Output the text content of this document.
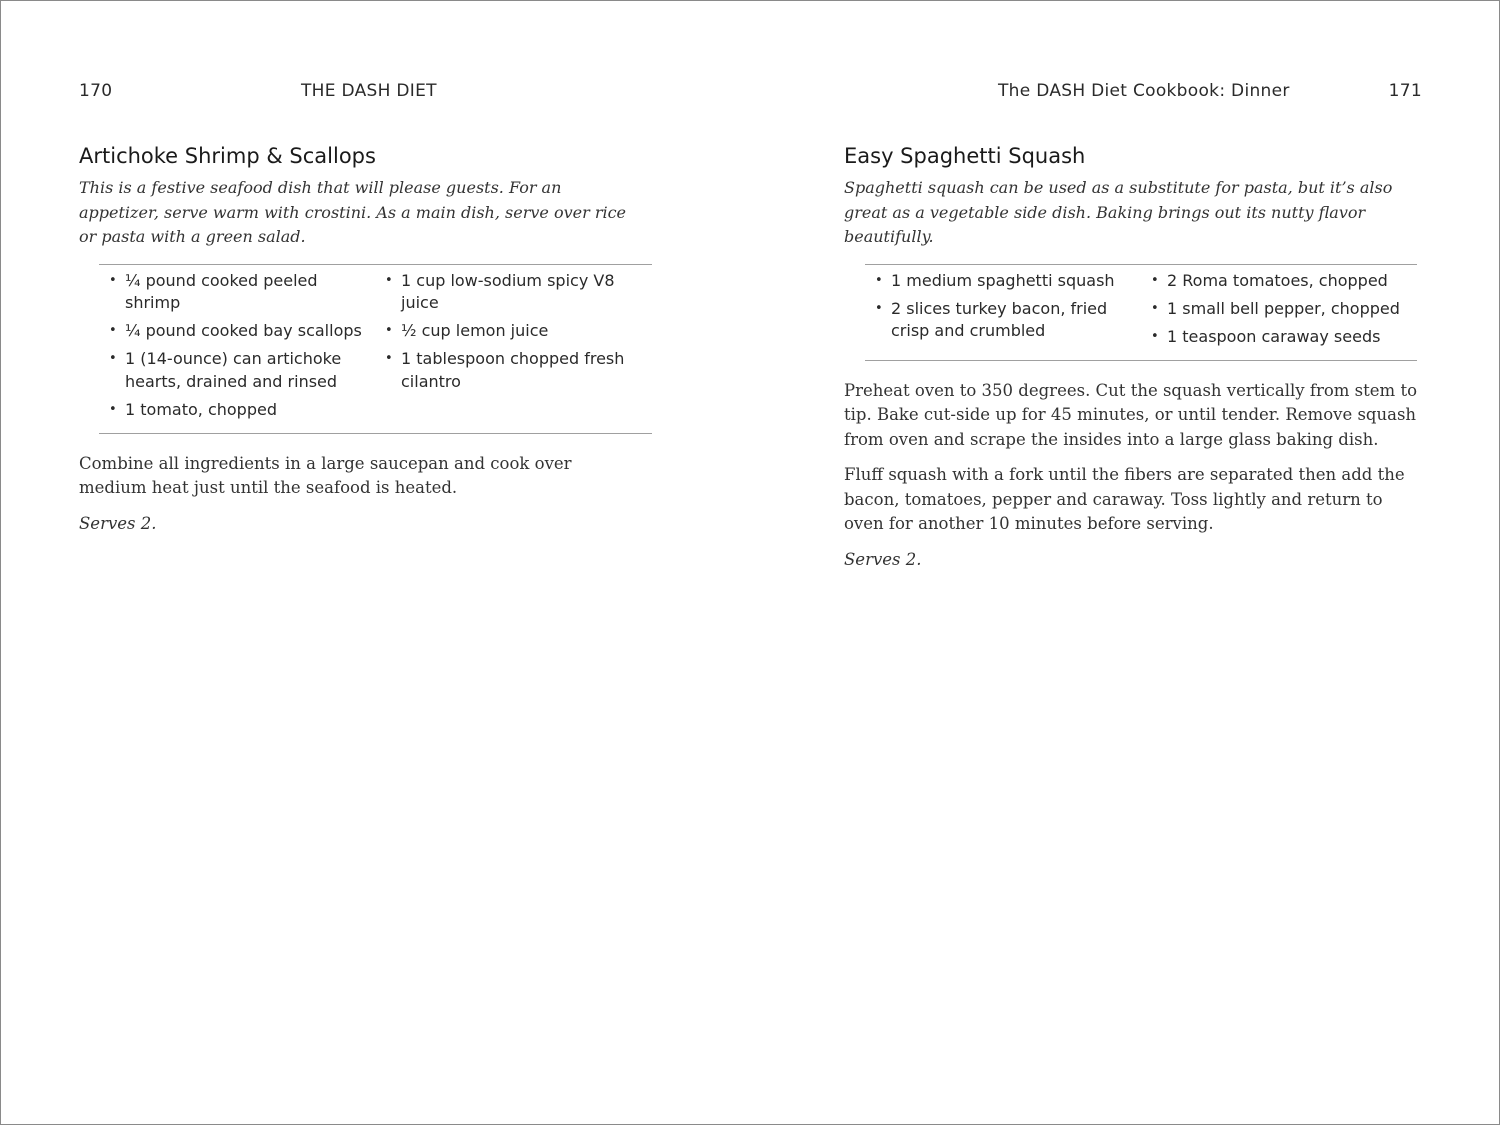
170	THE DASH DIET
Artichoke Shrimp & Scallops

This is a festive seafood dish that will please guests. For an appetizer, serve warm with crostini. As a main dish, serve over rice or pasta with a green salad.

• ¼ pound cooked peeled shrimp
• ¼ pound cooked bay scallops
• 1 (14-ounce) can artichoke hearts, drained and rinsed
• 1 tomato, chopped
• 1 cup low-sodium spicy V8 juice
• ½ cup lemon juice
• 1 tablespoon chopped fresh cilantro

Combine all ingredients in a large saucepan and cook over medium heat just until the seafood is heated.

Serves 2.

The DASH Diet Cookbook: Dinner	171
Easy Spaghetti Squash

Spaghetti squash can be used as a substitute for pasta, but it’s also great as a vegetable side dish. Baking brings out its nutty flavor beautifully.

• 1 medium spaghetti squash
• 2 slices turkey bacon, fried crisp and crumbled
• 2 Roma tomatoes, chopped
• 1 small bell pepper, chopped
• 1 teaspoon caraway seeds

Preheat oven to 350 degrees. Cut the squash vertically from stem to tip. Bake cut-side up for 45 minutes, or until tender. Remove squash from oven and scrape the insides into a large glass baking dish.

Fluff squash with a fork until the fibers are separated then add the bacon, tomatoes, pepper and caraway. Toss lightly and return to oven for another 10 minutes before serving.

Serves 2.
